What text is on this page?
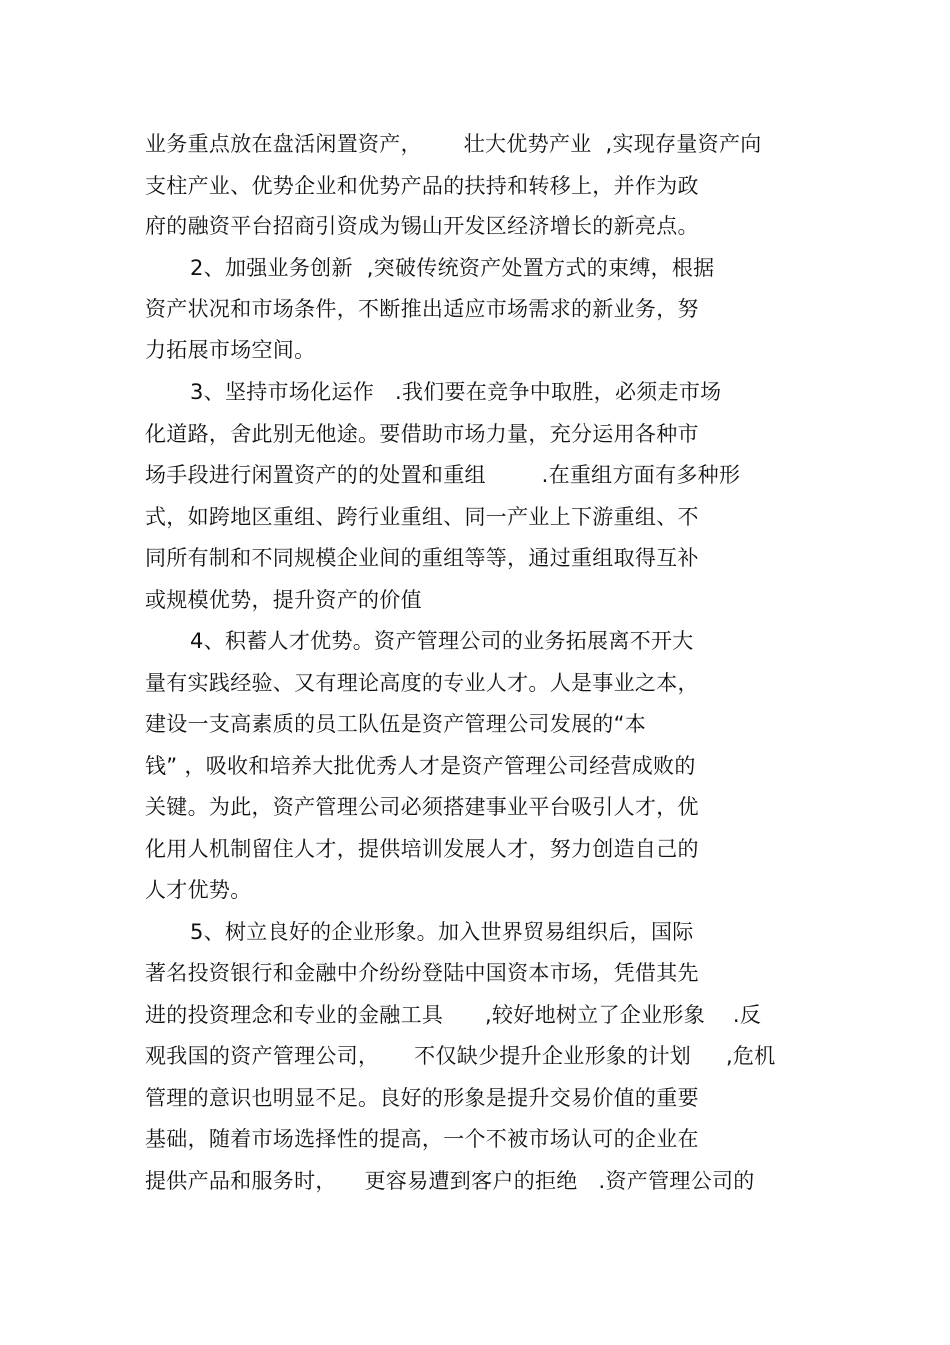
业务重点放在盘活闲置资产，      壮大优势产业  ,实现存量资产向
支柱产业、优势企业和优势产品的扶持和转移上，并作为政
府的融资平台招商引资成为锡山开发区经济增长的新亮点。
2、加强业务创新  ,突破传统资产处置方式的束缚，根据
资产状况和市场条件，不断推出适应市场需求的新业务，努
力拓展市场空间。
3、坚持市场化运作   .我们要在竞争中取胜，必须走市场
化道路，舍此别无他途。要借助市场力量，充分运用各种市
场手段进行闲置资产的的处置和重组        .在重组方面有多种形
式，如跨地区重组、跨行业重组、同一产业上下游重组、不
同所有制和不同规模企业间的重组等等，通过重组取得互补
或规模优势，提升资产的价值
4、积蓄人才优势。资产管理公司的业务拓展离不开大
量有实践经验、又有理论高度的专业人才。人是事业之本，
建设一支高素质的员工队伍是资产管理公司发展的“本
钱” ，吸收和培养大批优秀人才是资产管理公司经营成败的
关键。为此，资产管理公司必须搭建事业平台吸引人才，优
化用人机制留住人才，提供培训发展人才，努力创造自己的
人才优势。
5、树立良好的企业形象。加入世界贸易组织后，国际
著名投资银行和金融中介纷纷登陆中国资本市场，凭借其先
进的投资理念和专业的金融工具      ,较好地树立了企业形象    .反
观我国的资产管理公司，     不仅缺少提升企业形象的计划     ,危机
管理的意识也明显不足。良好的形象是提升交易价值的重要
基础，随着市场选择性的提高，一个不被市场认可的企业在
提供产品和服务时，    更容易遭到客户的拒绝   .资产管理公司的
